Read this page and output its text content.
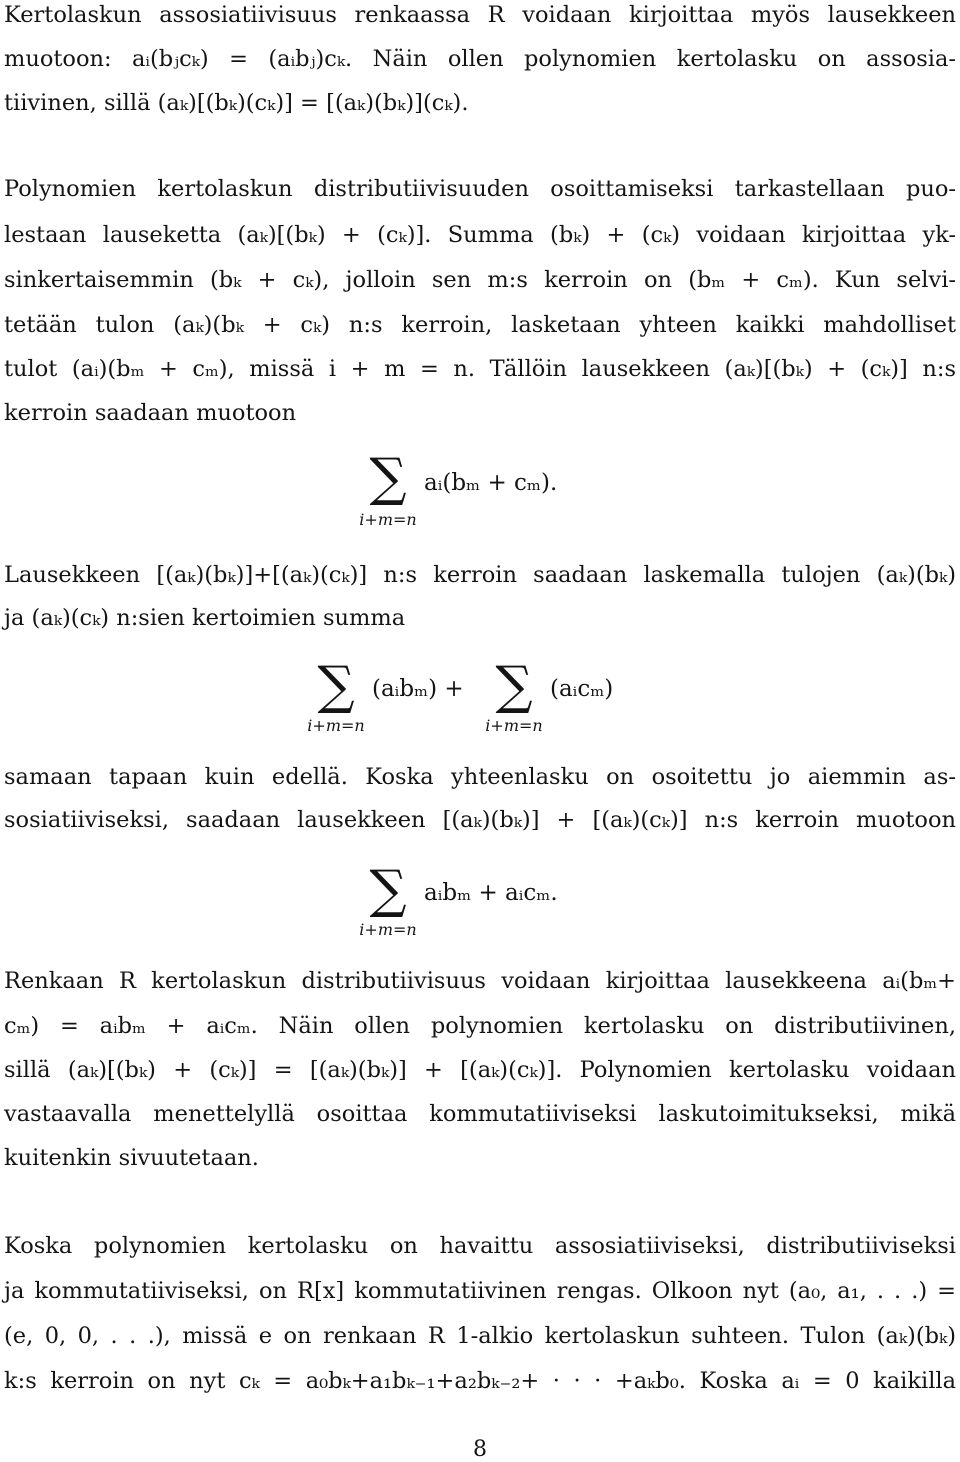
Kertolaskun assosiatiivisuus renkaassa R voidaan kirjoittaa myös lausekkeen
muotoon: aᵢ(bⱼcₖ) = (aᵢbⱼ)cₖ. Näin ollen polynomien kertolasku on assosia-
tiivinen, sillä (aₖ)[(bₖ)(cₖ)] = [(aₖ)(bₖ)](cₖ).
Polynomien kertolaskun distributiivisuuden osoittamiseksi tarkastellaan puo-
lestaan lauseketta (aₖ)[(bₖ) + (cₖ)]. Summa (bₖ) + (cₖ) voidaan kirjoittaa yk-
sinkertaisemmin (bₖ + cₖ), jolloin sen m:s kerroin on (bₘ + cₘ). Kun selvi-
tetään tulon (aₖ)(bₖ + cₖ) n:s kerroin, lasketaan yhteen kaikki mahdolliset
tulot (aᵢ)(bₘ + cₘ), missä i + m = n. Tällöin lausekkeen (aₖ)[(bₖ) + (cₖ)] n:s
kerroin saadaan muotoon
∑
i+m=n
aᵢ(bₘ + cₘ).
Lausekkeen [(aₖ)(bₖ)]+[(aₖ)(cₖ)] n:s kerroin saadaan laskemalla tulojen (aₖ)(bₖ)
ja (aₖ)(cₖ) n:sien kertoimien summa
∑
i+m=n
(aᵢbₘ) + ∑
i+m=n
(aᵢcₘ)
samaan tapaan kuin edellä. Koska yhteenlasku on osoitettu jo aiemmin as-
sosiatiiviseksi, saadaan lausekkeen [(aₖ)(bₖ)] + [(aₖ)(cₖ)] n:s kerroin muotoon
∑
i+m=n
aᵢbₘ + aᵢcₘ.
Renkaan R kertolaskun distributiivisuus voidaan kirjoittaa lausekkeena aᵢ(bₘ+
cₘ) = aᵢbₘ + aᵢcₘ. Näin ollen polynomien kertolasku on distributiivinen,
sillä (aₖ)[(bₖ) + (cₖ)] = [(aₖ)(bₖ)] + [(aₖ)(cₖ)]. Polynomien kertolasku voidaan
vastaavalla menettelyllä osoittaa kommutatiiviseksi laskutoimitukseksi, mikä
kuitenkin sivuutetaan.
Koska polynomien kertolasku on havaittu assosiatiiviseksi, distributiiviseksi
ja kommutatiiviseksi, on R[x] kommutatiivinen rengas. Olkoon nyt (a₀, a₁, . . .) =
(e, 0, 0, . . .), missä e on renkaan R 1-alkio kertolaskun suhteen. Tulon (aₖ)(bₖ)
k:s kerroin on nyt cₖ = a₀bₖ+a₁bₖ₋₁+a₂bₖ₋₂+ · · · +aₖb₀. Koska aᵢ = 0 kaikilla
8
